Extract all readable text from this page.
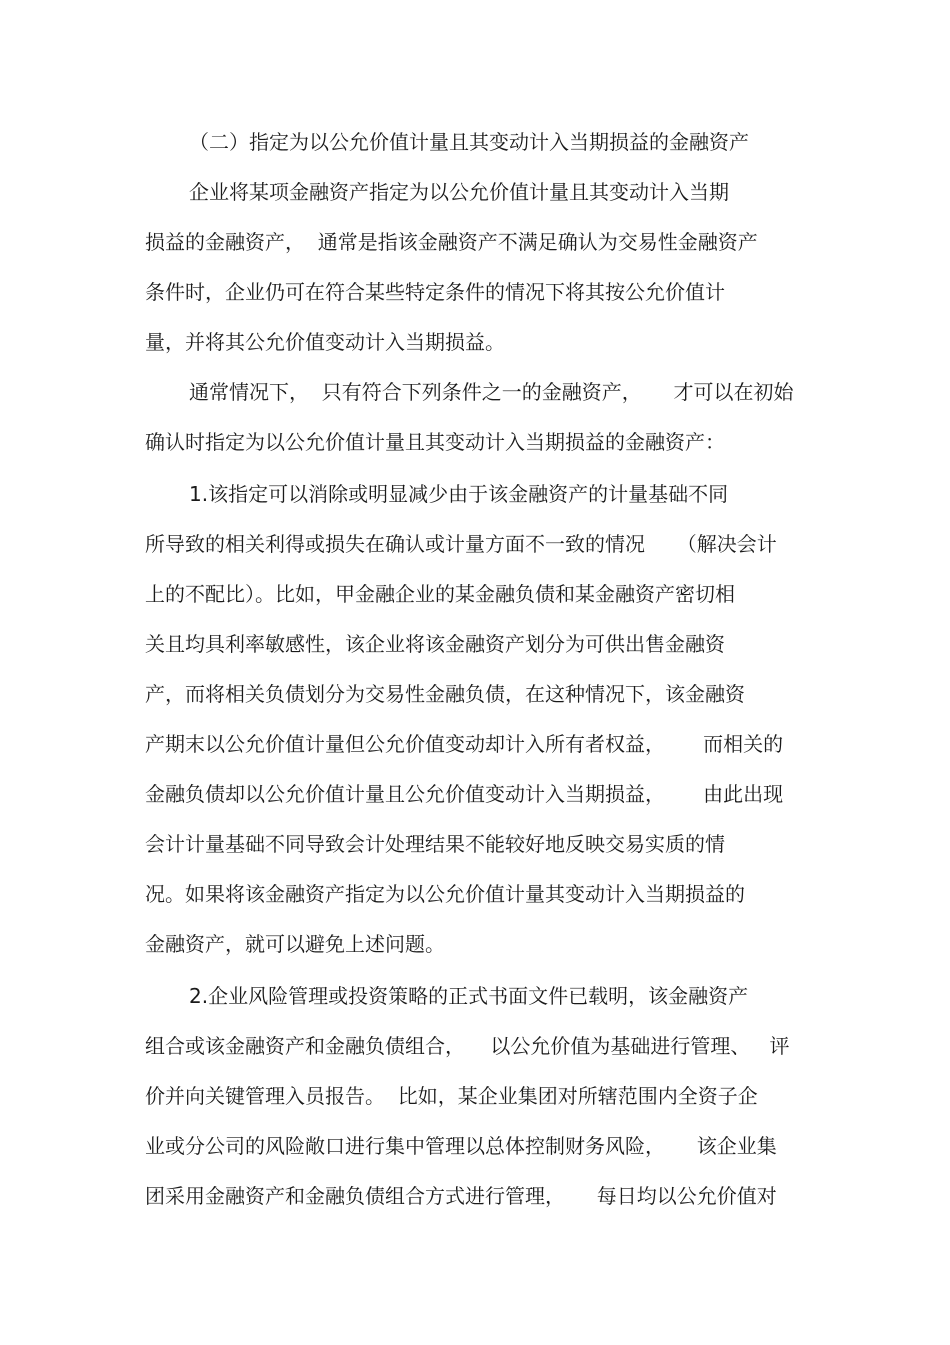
（二）指定为以公允价值计量且其变动计入当期损益的金融资产
企业将某项金融资产指定为以公允价值计量且其变动计入当期
损益的金融资产，  通常是指该金融资产不满足确认为交易性金融资产
条件时，企业仍可在符合某些特定条件的情况下将其按公允价值计
量，并将其公允价值变动计入当期损益。
通常情况下，  只有符合下列条件之一的金融资产，     才可以在初始
确认时指定为以公允价值计量且其变动计入当期损益的金融资产：
1.该指定可以消除或明显减少由于该金融资产的计量基础不同
所导致的相关利得或损失在确认或计量方面不一致的情况     （解决会计
上的不配比）。比如，甲金融企业的某金融负债和某金融资产密切相
关且均具利率敏感性，该企业将该金融资产划分为可供出售金融资
产，而将相关负债划分为交易性金融负债，在这种情况下，该金融资
产期末以公允价值计量但公允价值变动却计入所有者权益，      而相关的
金融负债却以公允价值计量且公允价值变动计入当期损益，      由此出现
会计计量基础不同导致会计处理结果不能较好地反映交易实质的情
况。如果将该金融资产指定为以公允价值计量其变动计入当期损益的
金融资产，就可以避免上述问题。
2.企业风险管理或投资策略的正式书面文件已载明，该金融资产
组合或该金融资产和金融负债组合，    以公允价值为基础进行管理、   评
价并向关键管理入员报告。  比如，某企业集团对所辖范围内全资子企
业或分公司的风险敞口进行集中管理以总体控制财务风险，     该企业集
团采用金融资产和金融负债组合方式进行管理，     每日均以公允价值对
